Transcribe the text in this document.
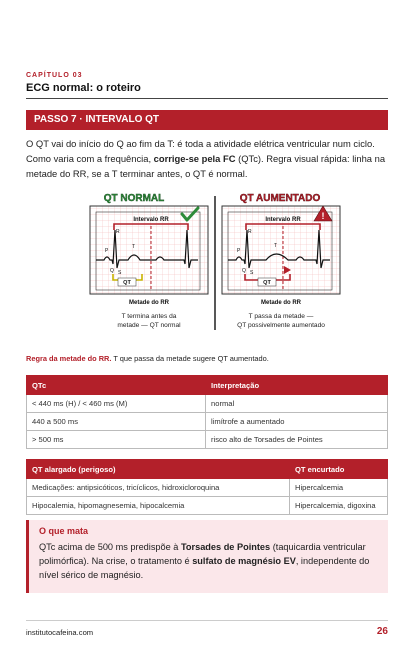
CAPÍTULO 03
ECG normal: o roteiro
PASSO 7 · INTERVALO QT

O QT vai do início do Q ao fim da T: é toda a atividade elétrica ventricular num ciclo. Como varia com a frequência, corrige-se pela FC (QTc). Regra visual rápida: linha na metade do RR, se a T terminar antes, o QT é normal.

QT NORMAL
Intervalo RR
P
R
T
Q S
QT
Metade do RR
T termina antes da
metade — QT normal
QT AUMENTADO
Intervalo RR
P
R
T
Q S
QT
!
Metade do RR
T passa da metade —
QT possivelmente aumentado
Regra da metade do RR. T que passa da metade sugere QT aumentado.
QTc	Interpretação
< 440 ms (H) / < 460 ms (M)	normal
440 a 500 ms	limítrofe a aumentado
> 500 ms	risco alto de Torsades de Pointes
QT alargado (perigoso)	QT encurtado
Medicações: antipsicóticos, tricíclicos, hidroxicloroquina	Hipercalcemia
Hipocalemia, hipomagnesemia, hipocalcemia	Hipercalcemia, digoxina
O que mata
QTc acima de 500 ms predispõe à Torsades de Pointes (taquicardia ventricular polimórfica). Na crise, o tratamento é sulfato de magnésio EV, independente do nível sérico de magnésio.
institutocafeina.com	26
